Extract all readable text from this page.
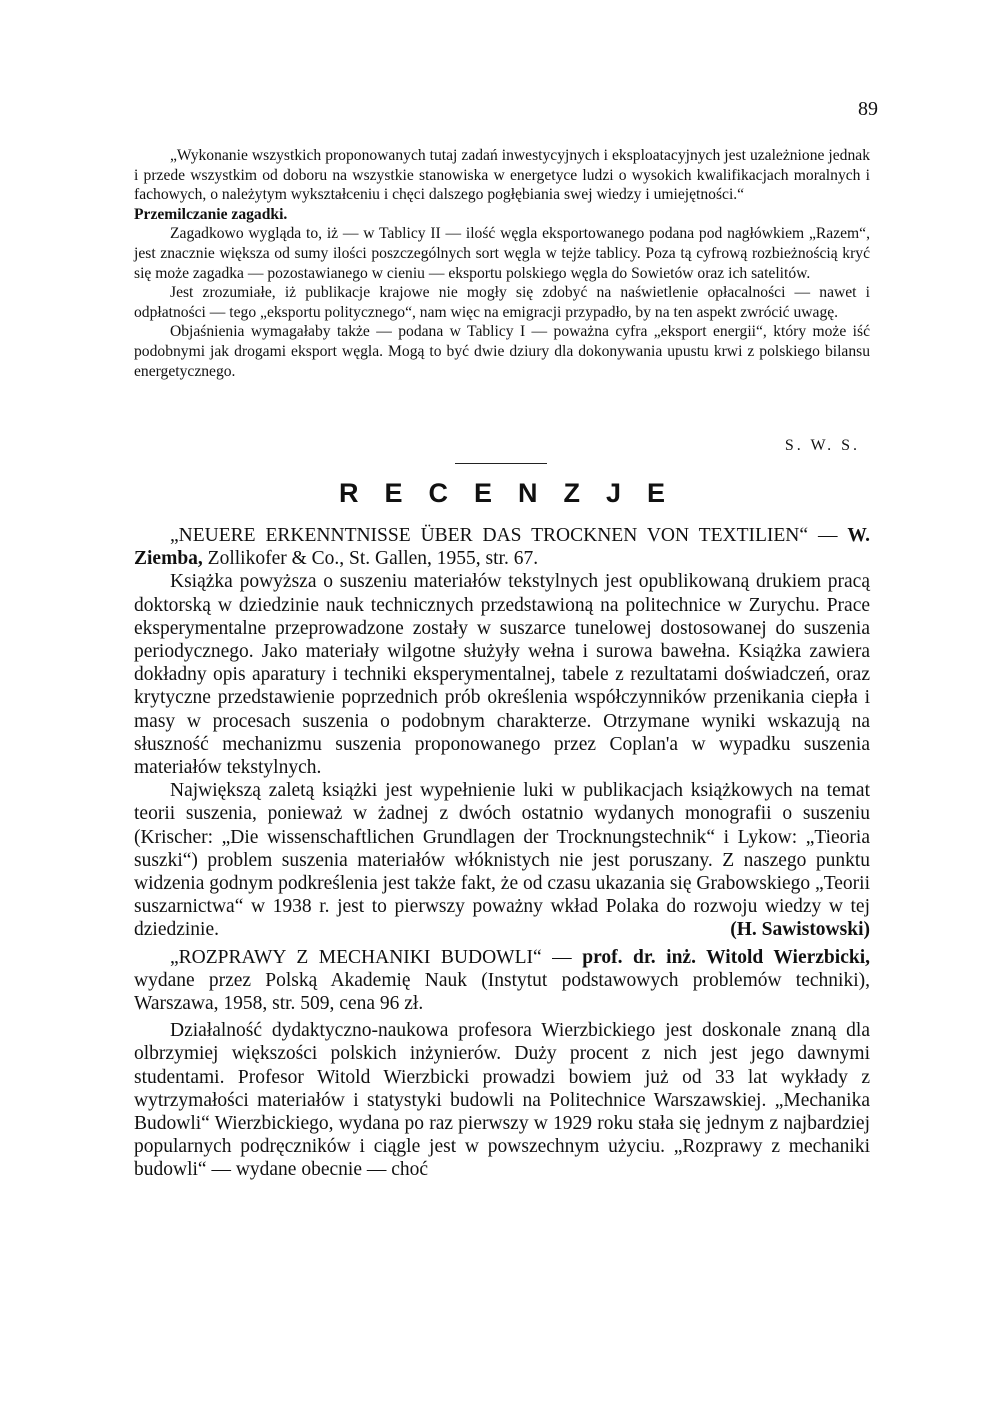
89

„Wykonanie wszystkich proponowanych tutaj zadań inwestycyjnych i eksploatacyjnych jest uzależnione jednak i przede wszystkim od doboru na wszystkie stanowiska w energetyce ludzi o wysokich kwalifikacjach moralnych i fachowych, o należytym wykształceniu i chęci dalszego pogłębiania swej wiedzy i umiejętności.“

Przemilczanie zagadki.

Zagadkowo wygląda to, iż — w Tablicy II — ilość węgla eksportowanego podana pod nagłówkiem „Razem“, jest znacznie większa od sumy ilości poszczególnych sort węgla w tejże tablicy. Poza tą cyfrową rozbieżnością kryć się może zagadka — pozostawianego w cieniu — eksportu polskiego węgla do Sowietów oraz ich satelitów.

Jest zrozumiałe, iż publikacje krajowe nie mogły się zdobyć na naświetlenie opłacalności — nawet i odpłatności — tego „eksportu politycznego“, nam więc na emigracji przypadło, by na ten aspekt zwrócić uwagę.

Objaśnienia wymagałaby także — podana w Tablicy I — poważna cyfra „eksport energii“, który może iść podobnymi jak drogami eksport węgla. Mogą to być dwie dziury dla dokonywania upustu krwi z polskiego bilansu energetycznego.

S. W. S.
RECENZJE

„NEUERE ERKENNTNISSE ÜBER DAS TROCKNEN VON TEXTILIEN“ — W. Ziemba, Zollikofer & Co., St. Gallen, 1955, str. 67.

Książka powyższa o suszeniu materiałów tekstylnych jest opublikowaną drukiem pracą doktorską w dziedzinie nauk technicznych przedstawioną na politechnice w Zurychu. Prace eksperymentalne przeprowadzone zostały w suszarce tunelowej dostosowanej do suszenia periodycznego. Jako materiały wilgotne służyły wełna i surowa bawełna. Książka zawiera dokładny opis aparatury i techniki eksperymentalnej, tabele z rezultatami doświadczeń, oraz krytyczne przedstawienie poprzednich prób określenia współczynników przenikania ciepła i masy w procesach suszenia o podobnym charakterze. Otrzymane wyniki wskazują na słuszność mechanizmu suszenia proponowanego przez Coplan'a w wypadku suszenia materiałów tekstylnych.

Największą zaletą książki jest wypełnienie luki w publikacjach książkowych na temat teorii suszenia, ponieważ w żadnej z dwóch ostatnio wydanych monografii o suszeniu (Krischer: „Die wissenschaftlichen Grundlagen der Trocknungstechnik“ i Lykow: „Tieoria suszki“) problem suszenia materiałów włóknistych nie jest poruszany. Z naszego punktu widzenia godnym podkreślenia jest także fakt, że od czasu ukazania się Grabowskiego „Teorii suszarnictwa“ w 1938 r. jest to pierwszy poważny wkład Polaka do rozwoju wiedzy w tej dziedzinie.	(H. Sawistowski)

„ROZPRAWY Z MECHANIKI BUDOWLI“ — prof. dr. inż. Witold Wierzbicki, wydane przez Polską Akademię Nauk (Instytut podstawowych problemów techniki), Warszawa, 1958, str. 509, cena 96 zł.

Działalność dydaktyczno-naukowa profesora Wierzbickiego jest doskonale znaną dla olbrzymiej większości polskich inżynierów. Duży procent z nich jest jego dawnymi studentami. Profesor Witold Wierzbicki prowadzi bowiem już od 33 lat wykłady z wytrzymałości materiałów i statystyki budowli na Politechnice Warszawskiej. „Mechanika Budowli“ Wierzbickiego, wydana po raz pierwszy w 1929 roku stała się jednym z najbardziej popularnych podręczników i ciągle jest w powszechnym użyciu. „Rozprawy z mechaniki budowli“ — wydane obecnie — choć
